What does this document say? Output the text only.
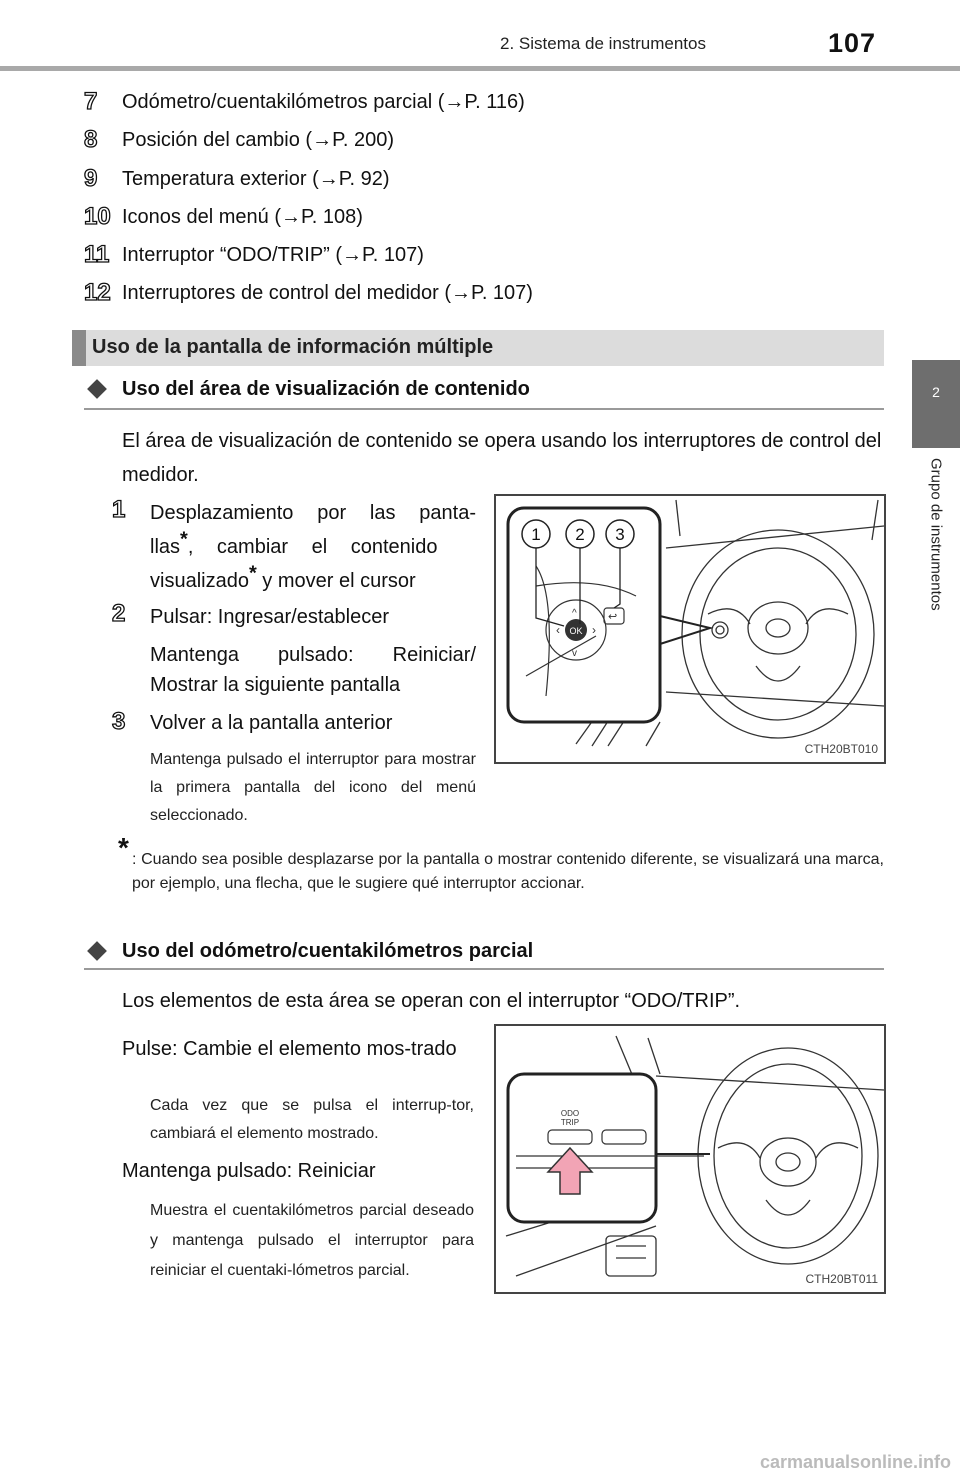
2. Sistema de instrumentos	107
2
Grupo de instrumentos
7 Odómetro/cuentakilómetros parcial (→P. 116)
8 Posición del cambio (→P. 200)
9 Temperatura exterior (→P. 92)
10 Iconos del menú (→P. 108)
11 Interruptor “ODO/TRIP” (→P. 107)
12 Interruptores de control del medidor (→P. 107)
Uso de la pantalla de información múltiple
Uso del área de visualización de contenido
El área de visualización de contenido se opera usando los interruptores de control del medidor.
1 Desplazamiento por las panta-
llas*, cambiar el contenido
visualizado* y mover el cursor
2 Pulsar: Ingresar/establecer
Mantenga pulsado: Reiniciar/
Mostrar la siguiente pantalla
3 Volver a la pantalla anterior
Mantenga pulsado el interruptor para mostrar la primera pantalla del icono del menú seleccionado.
OK
‹	›
^
v
↩
1 2 3
CTH20BT010
* : Cuando sea posible desplazarse por la pantalla o mostrar contenido diferente, se visualizará una marca, por ejemplo, una flecha, que le sugiere qué interruptor accionar.
Uso del odómetro/cuentakilómetros parcial
Los elementos de esta área se operan con el interruptor “ODO/TRIP”.
Pulse: Cambie el elemento mos-trado
Cada vez que se pulsa el interrup-tor, cambiará el elemento mostrado.
Mantenga pulsado: Reiniciar
Muestra el cuentakilómetros parcial deseado y mantenga pulsado el interruptor para reiniciar el cuentaki-lómetros parcial.
ODO
TRIP
CTH20BT011
carmanualsonline.info
